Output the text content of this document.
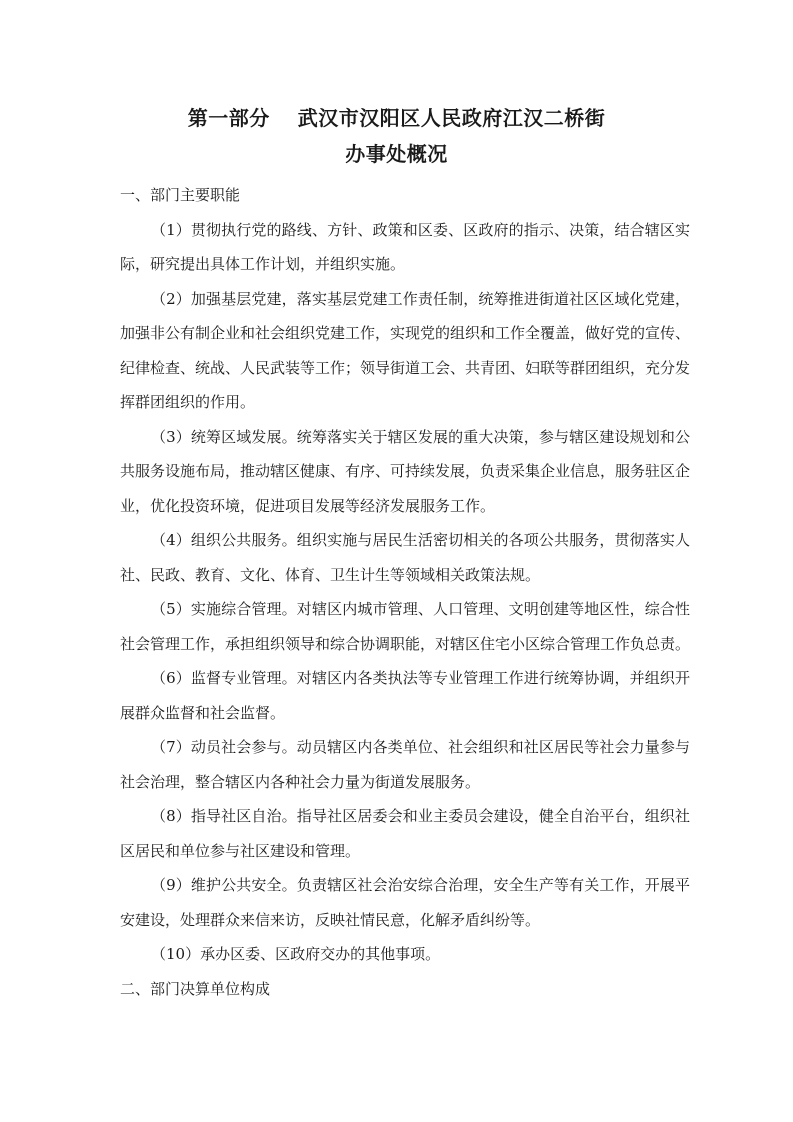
第一部分 武汉市汉阳区人民政府江汉二桥街
办事处概况

一、部门主要职能

（1）贯彻执行党的路线、方针、政策和区委、区政府的指示、决策，结合辖区实际，研究提出具体工作计划，并组织实施。

（2）加强基层党建，落实基层党建工作责任制，统筹推进街道社区区域化党建，加强非公有制企业和社会组织党建工作，实现党的组织和工作全覆盖，做好党的宣传、纪律检查、统战、人民武装等工作；领导街道工会、共青团、妇联等群团组织，充分发挥群团组织的作用。

（3）统筹区域发展。统筹落实关于辖区发展的重大决策，参与辖区建设规划和公共服务设施布局，推动辖区健康、有序、可持续发展，负责采集企业信息，服务驻区企业，优化投资环境，促进项目发展等经济发展服务工作。

（4）组织公共服务。组织实施与居民生活密切相关的各项公共服务，贯彻落实人社、民政、教育、文化、体育、卫生计生等领域相关政策法规。

（5）实施综合管理。对辖区内城市管理、人口管理、文明创建等地区性，综合性社会管理工作，承担组织领导和综合协调职能，对辖区住宅小区综合管理工作负总责。

（6）监督专业管理。对辖区内各类执法等专业管理工作进行统筹协调，并组织开展群众监督和社会监督。

（7）动员社会参与。动员辖区内各类单位、社会组织和社区居民等社会力量参与社会治理，整合辖区内各种社会力量为街道发展服务。

（8）指导社区自治。指导社区居委会和业主委员会建设，健全自治平台，组织社区居民和单位参与社区建设和管理。

（9）维护公共安全。负责辖区社会治安综合治理，安全生产等有关工作，开展平安建设，处理群众来信来访，反映社情民意，化解矛盾纠纷等。

（10）承办区委、区政府交办的其他事项。

二、部门决算单位构成
